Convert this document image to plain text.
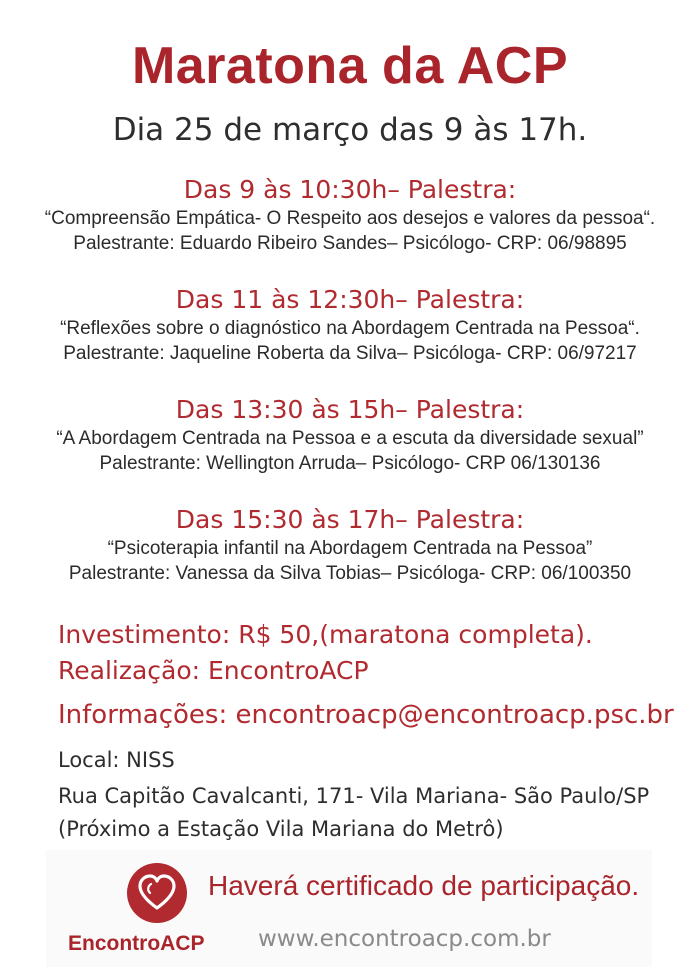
Maratona da ACP
Dia 25 de março das 9 às 17h.
Das 9 às 10:30h– Palestra:
“Compreensão Empática- O Respeito aos desejos e valores da pessoa“.
Palestrante: Eduardo Ribeiro Sandes– Psicólogo- CRP: 06/98895
Das 11 às 12:30h– Palestra:
“Reflexões sobre o diagnóstico na Abordagem Centrada na Pessoa“.
Palestrante: Jaqueline Roberta da Silva– Psicóloga- CRP: 06/97217
Das 13:30 às 15h– Palestra:
“A Abordagem Centrada na Pessoa e a escuta da diversidade sexual”
Palestrante: Wellington Arruda– Psicólogo- CRP 06/130136
Das 15:30 às 17h– Palestra:
“Psicoterapia infantil na Abordagem Centrada na Pessoa”
Palestrante: Vanessa da Silva Tobias– Psicóloga- CRP: 06/100350
Investimento: R$ 50,(maratona completa).
Realização: EncontroACP
Informações: encontroacp@encontroacp.psc.br
Local: NISS
Rua Capitão Cavalcanti, 171- Vila Mariana- São Paulo/SP
(Próximo a Estação Vila Mariana do Metrô)
EncontroACP
Haverá certificado de participação.
www.encontroacp.com.br
